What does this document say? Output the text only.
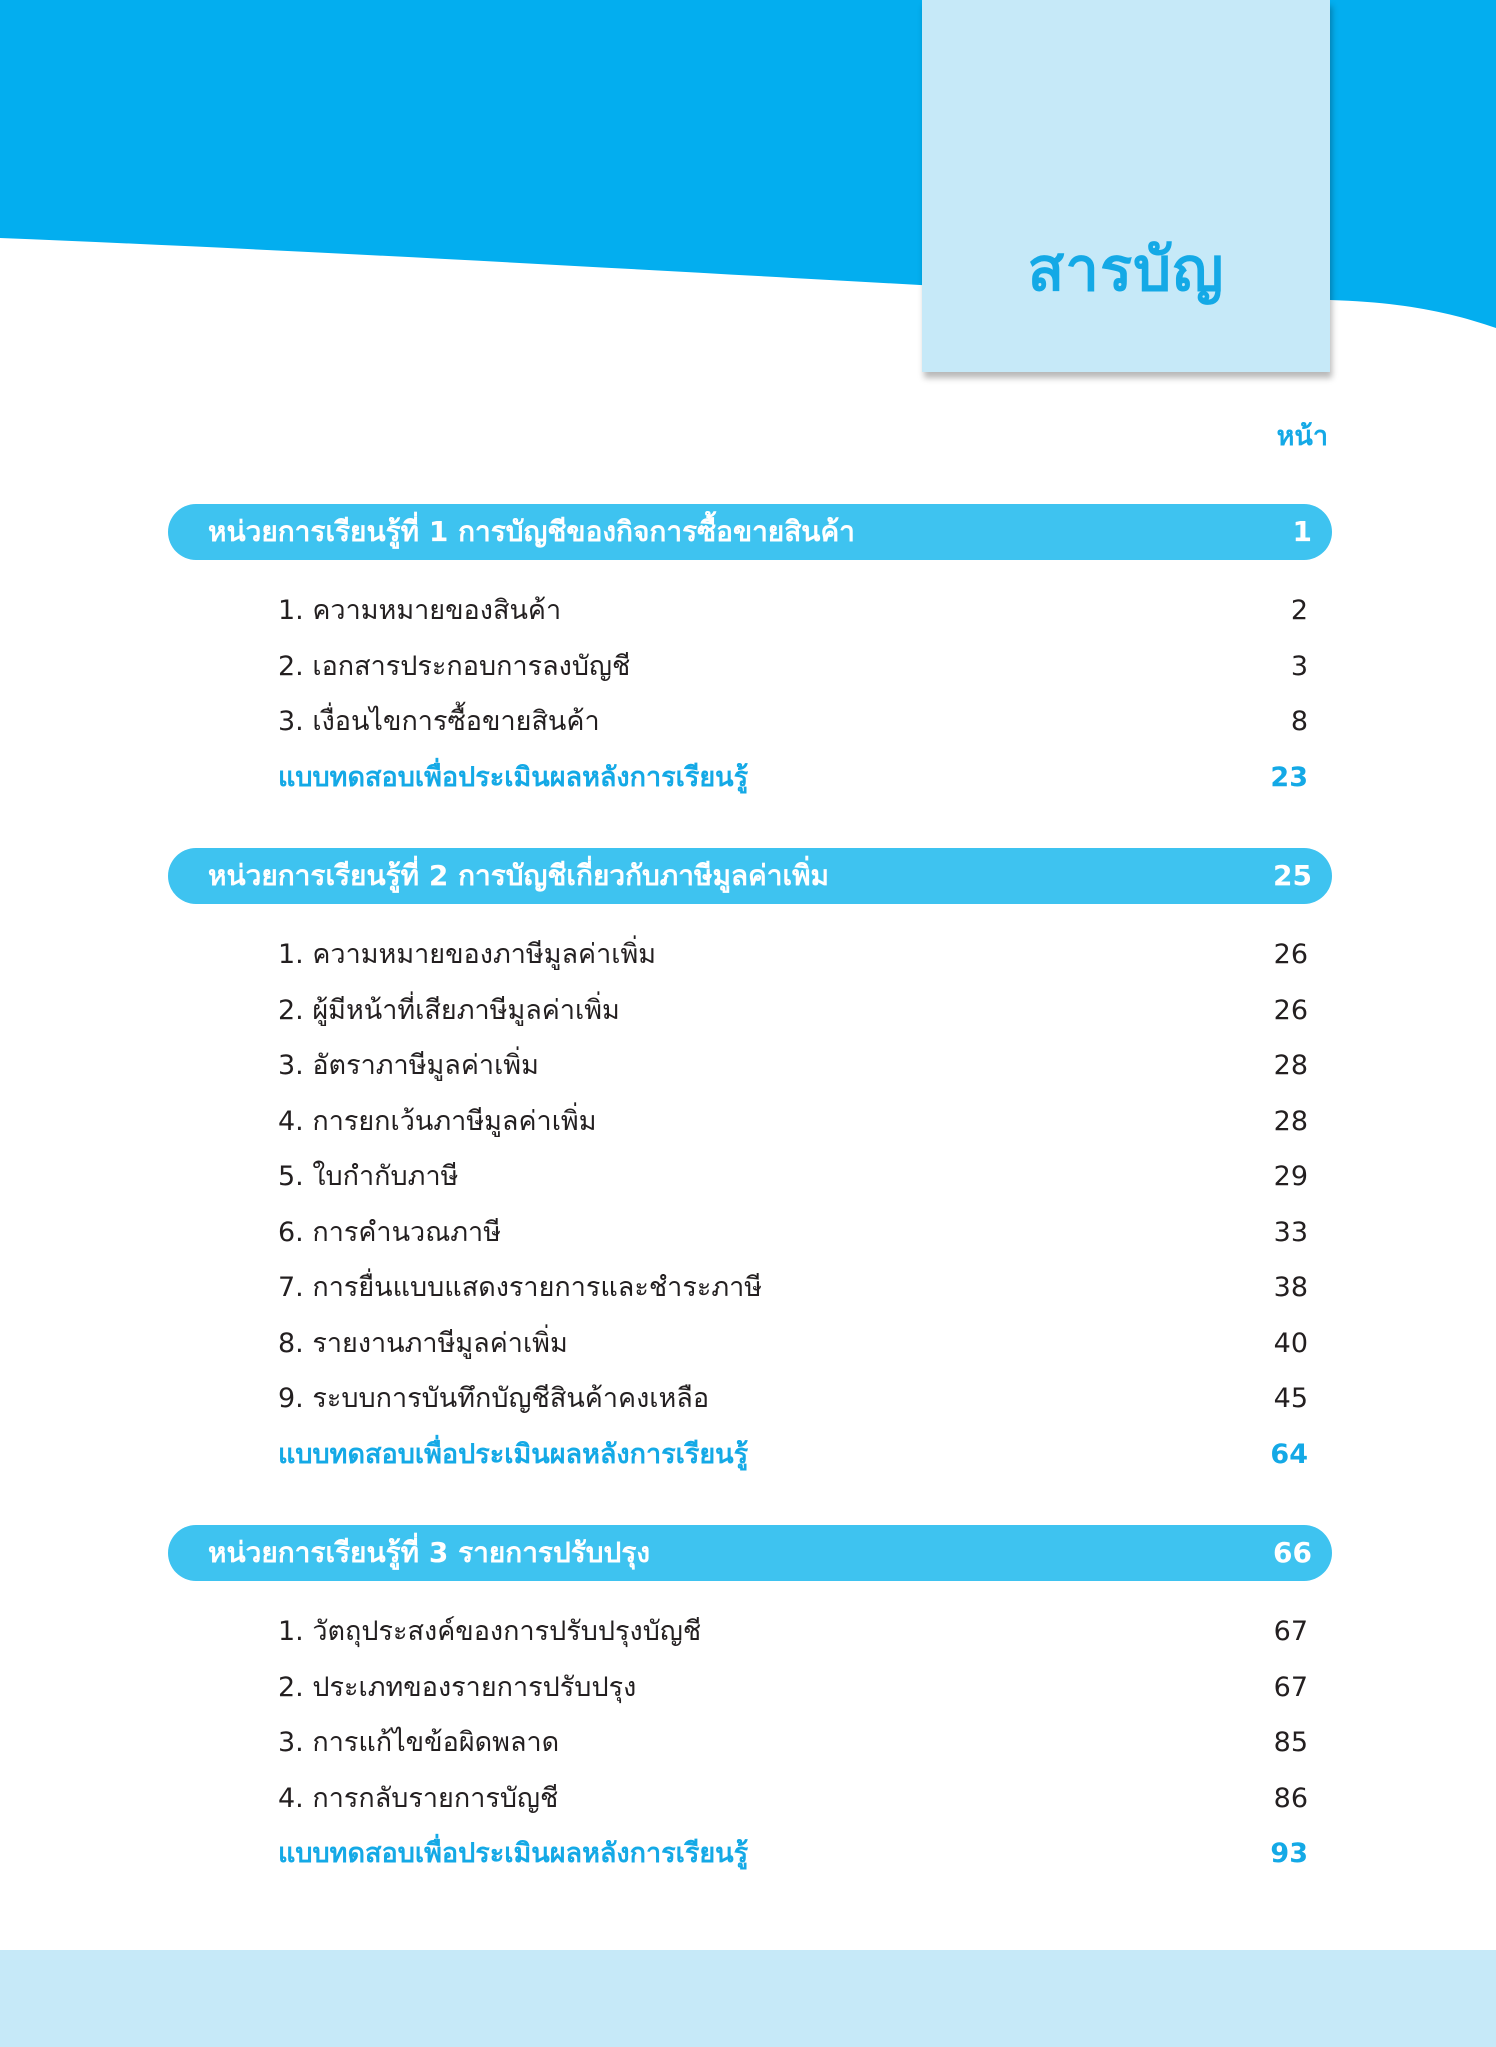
สารบัญ
หน้า
หน่วยการเรียนรู้ที่ 1 การบัญชีของกิจการซื้อขายสินค้า	1
1. ความหมายของสินค้า	2
2. เอกสารประกอบการลงบัญชี	3
3. เงื่อนไขการซื้อขายสินค้า	8
แบบทดสอบเพื่อประเมินผลหลังการเรียนรู้	23
หน่วยการเรียนรู้ที่ 2 การบัญชีเกี่ยวกับภาษีมูลค่าเพิ่ม	25
1. ความหมายของภาษีมูลค่าเพิ่ม	26
2. ผู้มีหน้าที่เสียภาษีมูลค่าเพิ่ม	26
3. อัตราภาษีมูลค่าเพิ่ม	28
4. การยกเว้นภาษีมูลค่าเพิ่ม	28
5. ใบกำกับภาษี	29
6. การคำนวณภาษี	33
7. การยื่นแบบแสดงรายการและชำระภาษี	38
8. รายงานภาษีมูลค่าเพิ่ม	40
9. ระบบการบันทึกบัญชีสินค้าคงเหลือ	45
แบบทดสอบเพื่อประเมินผลหลังการเรียนรู้	64
หน่วยการเรียนรู้ที่ 3 รายการปรับปรุง	66
1. วัตถุประสงค์ของการปรับปรุงบัญชี	67
2. ประเภทของรายการปรับปรุง	67
3. การแก้ไขข้อผิดพลาด	85
4. การกลับรายการบัญชี	86
แบบทดสอบเพื่อประเมินผลหลังการเรียนรู้	93
